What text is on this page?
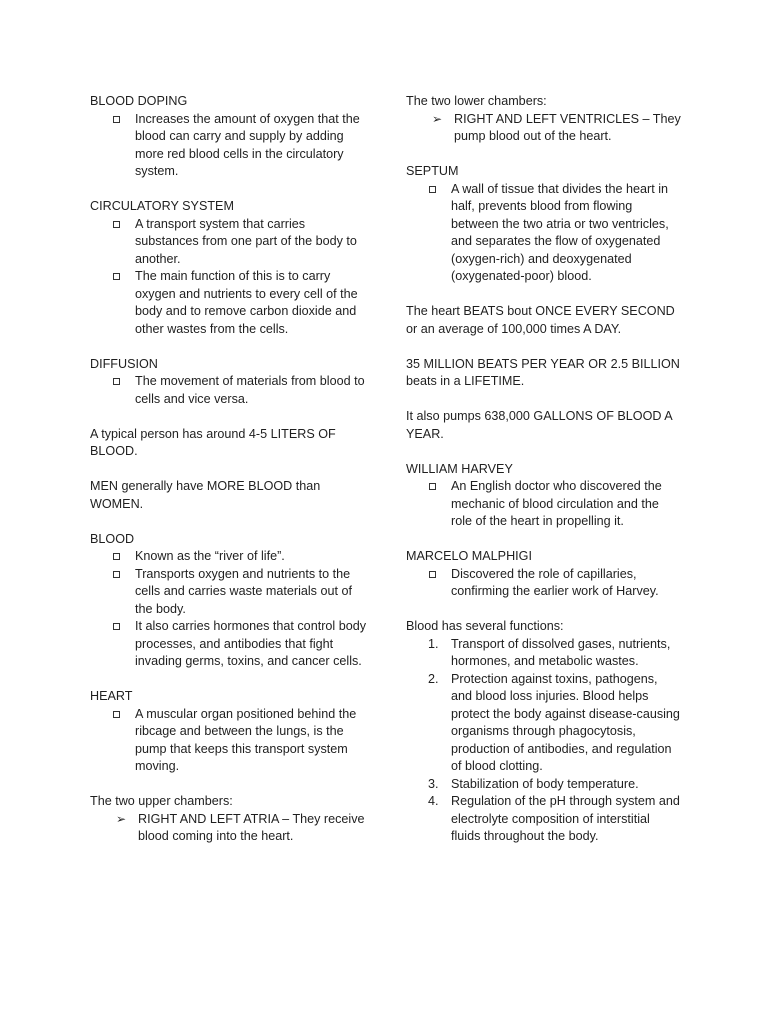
BLOOD DOPING

Increases the amount of oxygen that the blood can carry and supply by adding more red blood cells in the circulatory system.

CIRCULATORY SYSTEM

A transport system that carries substances from one part of the body to another.
The main function of this is to carry oxygen and nutrients to every cell of the body and to remove carbon dioxide and other wastes from the cells.

DIFFUSION

The movement of materials from blood to cells and vice versa.

A typical person has around 4-5 LITERS OF BLOOD.

MEN generally have MORE BLOOD than WOMEN.

BLOOD

Known as the “river of life”.
Transports oxygen and nutrients to the cells and carries waste materials out of the body.
It also carries hormones that control body processes, and antibodies that fight invading germs, toxins, and cancer cells.

HEART

A muscular organ positioned behind the ribcage and between the lungs, is the pump that keeps this transport system moving.

The two upper chambers:

➢ RIGHT AND LEFT ATRIA – They receive blood coming into the heart.

The two lower chambers:

➢ RIGHT AND LEFT VENTRICLES – They pump blood out of the heart.

SEPTUM

A wall of tissue that divides the heart in half, prevents blood from flowing between the two atria or two ventricles, and separates the flow of oxygenated (oxygen-rich) and deoxygenated (oxygenated-poor) blood.

The heart BEATS bout ONCE EVERY SECOND or an average of 100,000 times A DAY.

35 MILLION BEATS PER YEAR OR 2.5 BILLION beats in a LIFETIME.

It also pumps 638,000 GALLONS OF BLOOD A YEAR.

WILLIAM HARVEY

An English doctor who discovered the mechanic of blood circulation and the role of the heart in propelling it.

MARCELO MALPHIGI

Discovered the role of capillaries, confirming the earlier work of Harvey.

Blood has several functions:

1. Transport of dissolved gases, nutrients, hormones, and metabolic wastes.
2. Protection against toxins, pathogens, and blood loss injuries. Blood helps protect the body against disease-causing organisms through phagocytosis, production of antibodies, and regulation of blood clotting.
3. Stabilization of body temperature.
4. Regulation of the pH through system and electrolyte composition of interstitial fluids throughout the body.
